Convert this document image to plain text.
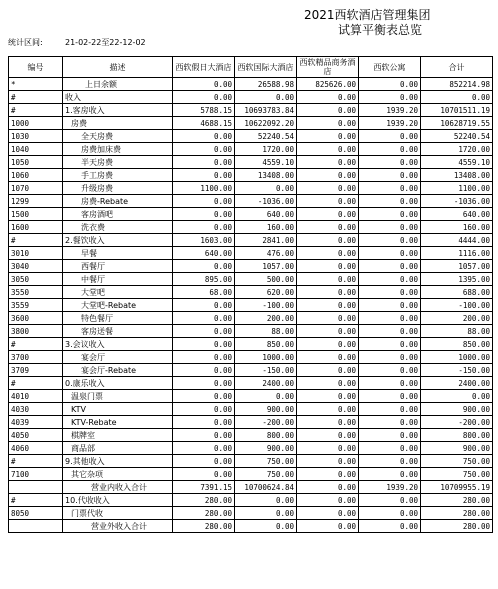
2021西软酒店管理集团
试算平衡表总览
统计区间:	21-02-22至22-12-02
编号	描述	西软假日大酒店	西软国际大酒店	西软精品商务酒店	西软公寓	合计
*	上日余额	0.00	26588.98	825626.00	0.00	852214.98
#	收入	0.00	0.00	0.00	0.00	0.00
#	1.客房收入	5788.15	10693783.84	0.00	1939.20	10701511.19
1000	房费	4688.15	10622092.20	0.00	1939.20	10628719.55
1030	全天房费	0.00	52240.54	0.00	0.00	52240.54
1040	房费加床费	0.00	1720.00	0.00	0.00	1720.00
1050	半天房费	0.00	4559.10	0.00	0.00	4559.10
1060	手工房费	0.00	13408.00	0.00	0.00	13408.00
1070	升级房费	1100.00	0.00	0.00	0.00	1100.00
1299	房费-Rebate	0.00	-1036.00	0.00	0.00	-1036.00
1500	客房酒吧	0.00	640.00	0.00	0.00	640.00
1600	洗衣费	0.00	160.00	0.00	0.00	160.00
#	2.餐饮收入	1603.00	2841.00	0.00	0.00	4444.00
3010	早餐	640.00	476.00	0.00	0.00	1116.00
3040	西餐厅	0.00	1057.00	0.00	0.00	1057.00
3050	中餐厅	895.00	500.00	0.00	0.00	1395.00
3550	大堂吧	68.00	620.00	0.00	0.00	688.00
3559	大堂吧-Rebate	0.00	-100.00	0.00	0.00	-100.00
3600	特色餐厅	0.00	200.00	0.00	0.00	200.00
3800	客房送餐	0.00	88.00	0.00	0.00	88.00
#	3.会议收入	0.00	850.00	0.00	0.00	850.00
3700	宴会厅	0.00	1000.00	0.00	0.00	1000.00
3709	宴会厅-Rebate	0.00	-150.00	0.00	0.00	-150.00
#	0.康乐收入	0.00	2400.00	0.00	0.00	2400.00
4010	温泉门票	0.00	0.00	0.00	0.00	0.00
4030	KTV	0.00	900.00	0.00	0.00	900.00
4039	KTV-Rebate	0.00	-200.00	0.00	0.00	-200.00
4050	棋牌室	0.00	800.00	0.00	0.00	800.00
4060	商品部	0.00	900.00	0.00	0.00	900.00
#	9.其他收入	0.00	750.00	0.00	0.00	750.00
7100	其它杂项	0.00	750.00	0.00	0.00	750.00
	营业内收入合计	7391.15	10700624.84	0.00	1939.20	10709955.19
#	10.代收收入	280.00	0.00	0.00	0.00	280.00
8050	门票代收	280.00	0.00	0.00	0.00	280.00
	营业外收入合计	280.00	0.00	0.00	0.00	280.00
